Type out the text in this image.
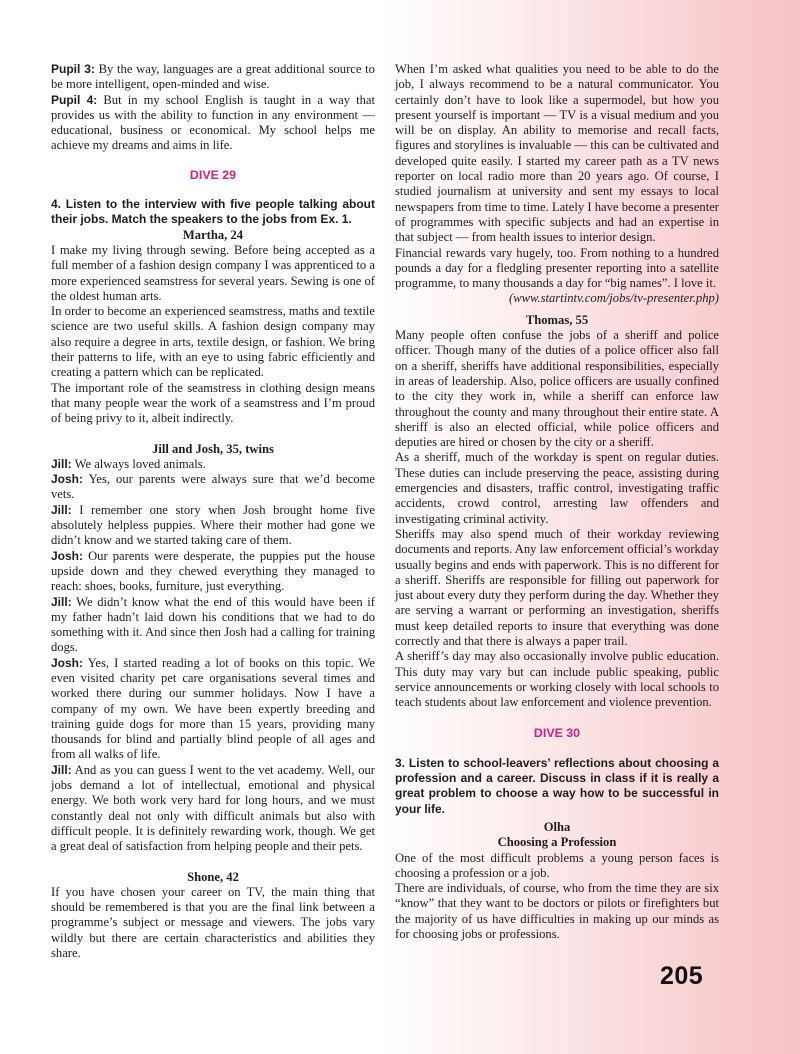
Pupil 3: By the way, languages are a great additional source to be more intelligent, open-minded and wise.

Pupil 4: But in my school English is taught in a way that provides us with the ability to function in any environment — educational, business or economical. My school helps me achieve my dreams and aims in life.

DIVE 29

4. Listen to the interview with five people talking about their jobs. Match the speakers to the jobs from Ex. 1.

Martha, 24

I make my living through sewing. Before being accepted as a full member of a fashion design company I was apprenticed to a more experienced seamstress for several years. Sewing is one of the oldest human arts.

In order to become an experienced seamstress, maths and textile science are two useful skills. A fashion design company may also require a degree in arts, textile design, or fashion. We bring their patterns to life, with an eye to using fabric efficiently and creating a pattern which can be replicated.

The important role of the seamstress in clothing design means that many people wear the work of a seamstress and I’m proud of being privy to it, albeit indirectly.

Jill and Josh, 35, twins

Jill: We always loved animals.

Josh: Yes, our parents were always sure that we’d become vets.

Jill: I remember one story when Josh brought home five absolutely helpless puppies. Where their mother had gone we didn’t know and we started taking care of them.

Josh: Our parents were desperate, the puppies put the house upside down and they chewed everything they managed to reach: shoes, books, furniture, just everything.

Jill: We didn’t know what the end of this would have been if my father hadn’t laid down his conditions that we had to do something with it. And since then Josh had a calling for training dogs.

Josh: Yes, I started reading a lot of books on this topic. We even visited charity pet care organisations several times and worked there during our summer holidays. Now I have a company of my own. We have been expertly breeding and training guide dogs for more than 15 years, providing many thousands for blind and partially blind people of all ages and from all walks of life.

Jill: And as you can guess I went to the vet academy. Well, our jobs demand a lot of intellectual, emotional and physical energy. We both work very hard for long hours, and we must constantly deal not only with difficult animals but also with difficult people. It is definitely rewarding work, though. We get a great deal of satisfaction from helping people and their pets.

Shone, 42

If you have chosen your career on TV, the main thing that should be remembered is that you are the final link between a programme’s subject or message and viewers. The jobs vary wildly but there are certain characteristics and abilities they share.

When I’m asked what qualities you need to be able to do the job, I always recommend to be a natural communicator. You certainly don’t have to look like a supermodel, but how you present yourself is important — TV is a visual medium and you will be on display. An ability to memorise and recall facts, figures and storylines is invaluable — this can be cultivated and developed quite easily. I started my career path as a TV news reporter on local radio more than 20 years ago. Of course, I studied journalism at university and sent my essays to local newspapers from time to time. Lately I have become a presenter of programmes with specific subjects and had an expertise in that subject — from health issues to interior design.

Financial rewards vary hugely, too. From nothing to a hundred pounds a day for a fledgling presenter reporting into a satellite programme, to many thousands a day for “big names”. I love it.

(www.startintv.com/jobs/tv-presenter.php)

Thomas, 55

Many people often confuse the jobs of a sheriff and police officer. Though many of the duties of a police officer also fall on a sheriff, sheriffs have additional responsibilities, especially in areas of leadership. Also, police officers are usually confined to the city they work in, while a sheriff can enforce law throughout the county and many throughout their entire state. A sheriff is also an elected official, while police officers and deputies are hired or chosen by the city or a sheriff.

As a sheriff, much of the workday is spent on regular duties. These duties can include preserving the peace, assisting during emergencies and disasters, traffic control, investigating traffic accidents, crowd control, arresting law offenders and investigating criminal activity.

Sheriffs may also spend much of their workday reviewing documents and reports. Any law enforcement official’s workday usually begins and ends with paperwork. This is no different for a sheriff. Sheriffs are responsible for filling out paperwork for just about every duty they perform during the day. Whether they are serving a warrant or performing an investigation, sheriffs must keep detailed reports to insure that everything was done correctly and that there is always a paper trail.

A sheriff’s day may also occasionally involve public education. This duty may vary but can include public speaking, public service announcements or working closely with local schools to teach students about law enforcement and violence prevention.

DIVE 30

3. Listen to school-leavers’ reflections about choosing a profession and a career. Discuss in class if it is really a great problem to choose a way how to be successful in your life.

Olha

Choosing a Profession

One of the most difficult problems a young person faces is choosing a profession or a job.

There are individuals, of course, who from the time they are six “know” that they want to be doctors or pilots or firefighters but the majority of us have difficulties in making up our minds as for choosing jobs or professions.

205
